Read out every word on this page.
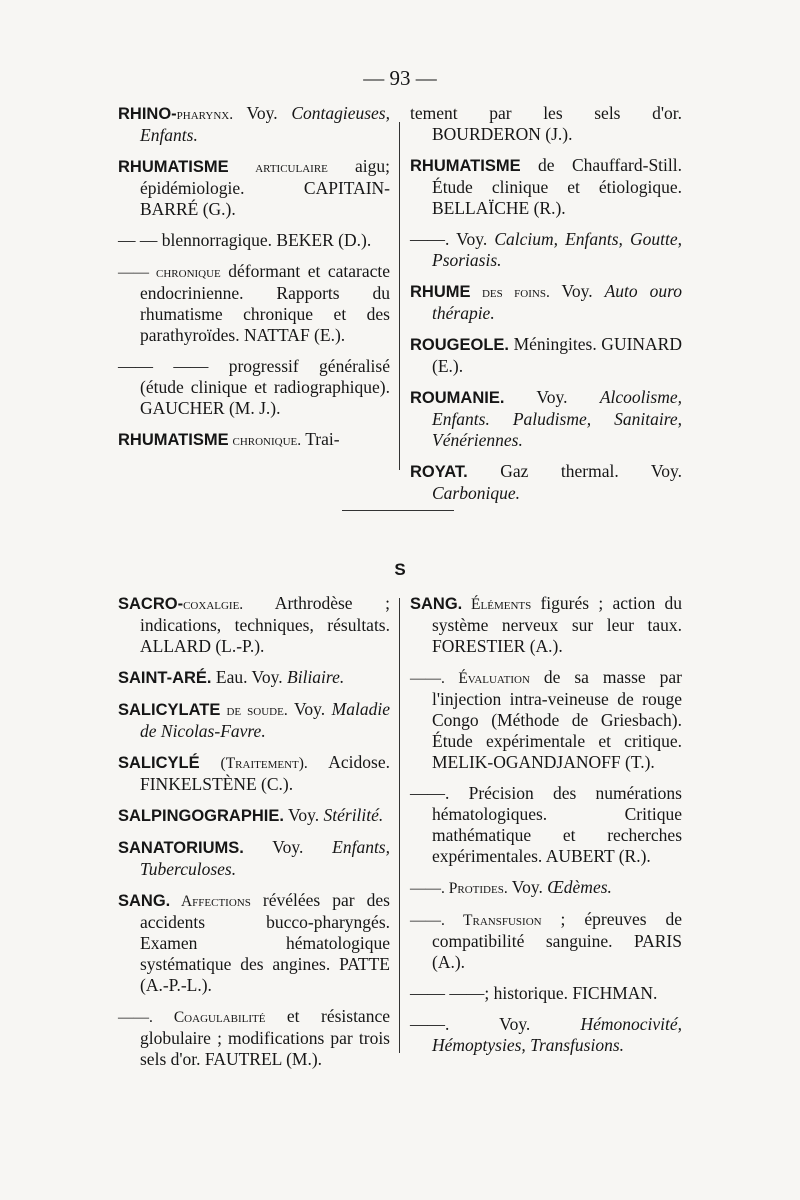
— 93 —
RHINO-pharynx. Voy. Contagieuses, Enfants.
RHUMATISME articulaire aigu; épidémiologie. CAPITAIN-BARRÉ (G.).
— — blennorragique. BEKER (D.).
—— chronique déformant et cataracte endocrinienne. Rapports du rhumatisme chronique et des parathyroïdes. NATTAF (E.).
—— —— progressif généralisé (étude clinique et radiographique). GAUCHER (M. J.).
RHUMATISME chronique. Trai-
tement par les sels d'or. BOURDERON (J.).
RHUMATISME de Chauffard-Still. Étude clinique et étiologique. BELLAÏCHE (R.).
——. Voy. Calcium, Enfants, Goutte, Psoriasis.
RHUME des foins. Voy. Auto ouro thérapie.
ROUGEOLE. Méningites. GUINARD (E.).
ROUMANIE. Voy. Alcoolisme, Enfants. Paludisme, Sanitaire, Vénériennes.
ROYAT. Gaz thermal. Voy. Carbonique.
S
SACRO-coxalgie. Arthrodèse ; indications, techniques, résultats. ALLARD (L.-P.).
SAINT-ARÉ. Eau. Voy. Biliaire.
SALICYLATE de soude. Voy. Maladie de Nicolas-Favre.
SALICYLÉ (Traitement). Acidose. FINKELSTÈNE (C.).
SALPINGOGRAPHIE. Voy. Stérilité.
SANATORIUMS. Voy. Enfants, Tuberculoses.
SANG. Affections révélées par des accidents bucco-pharyngés. Examen hématologique systématique des angines. PATTE (A.-P.-L.).
——. Coagulabilité et résistance globulaire ; modifications par trois sels d'or. FAUTREL (M.).
SANG. Éléments figurés ; action du système nerveux sur leur taux. FORESTIER (A.).
——. Évaluation de sa masse par l'injection intra-veineuse de rouge Congo (Méthode de Griesbach). Étude expérimentale et critique. MELIK-OGANDJANOFF (T.).
——. Précision des numérations hématologiques. Critique mathématique et recherches expérimentales. AUBERT (R.).
——. Protides. Voy. Œdèmes.
——. Transfusion ; épreuves de compatibilité sanguine. PARIS (A.).
—— ——; historique. FICHMAN.
——. Voy. Hémonocivité, Hémoptysies, Transfusions.
